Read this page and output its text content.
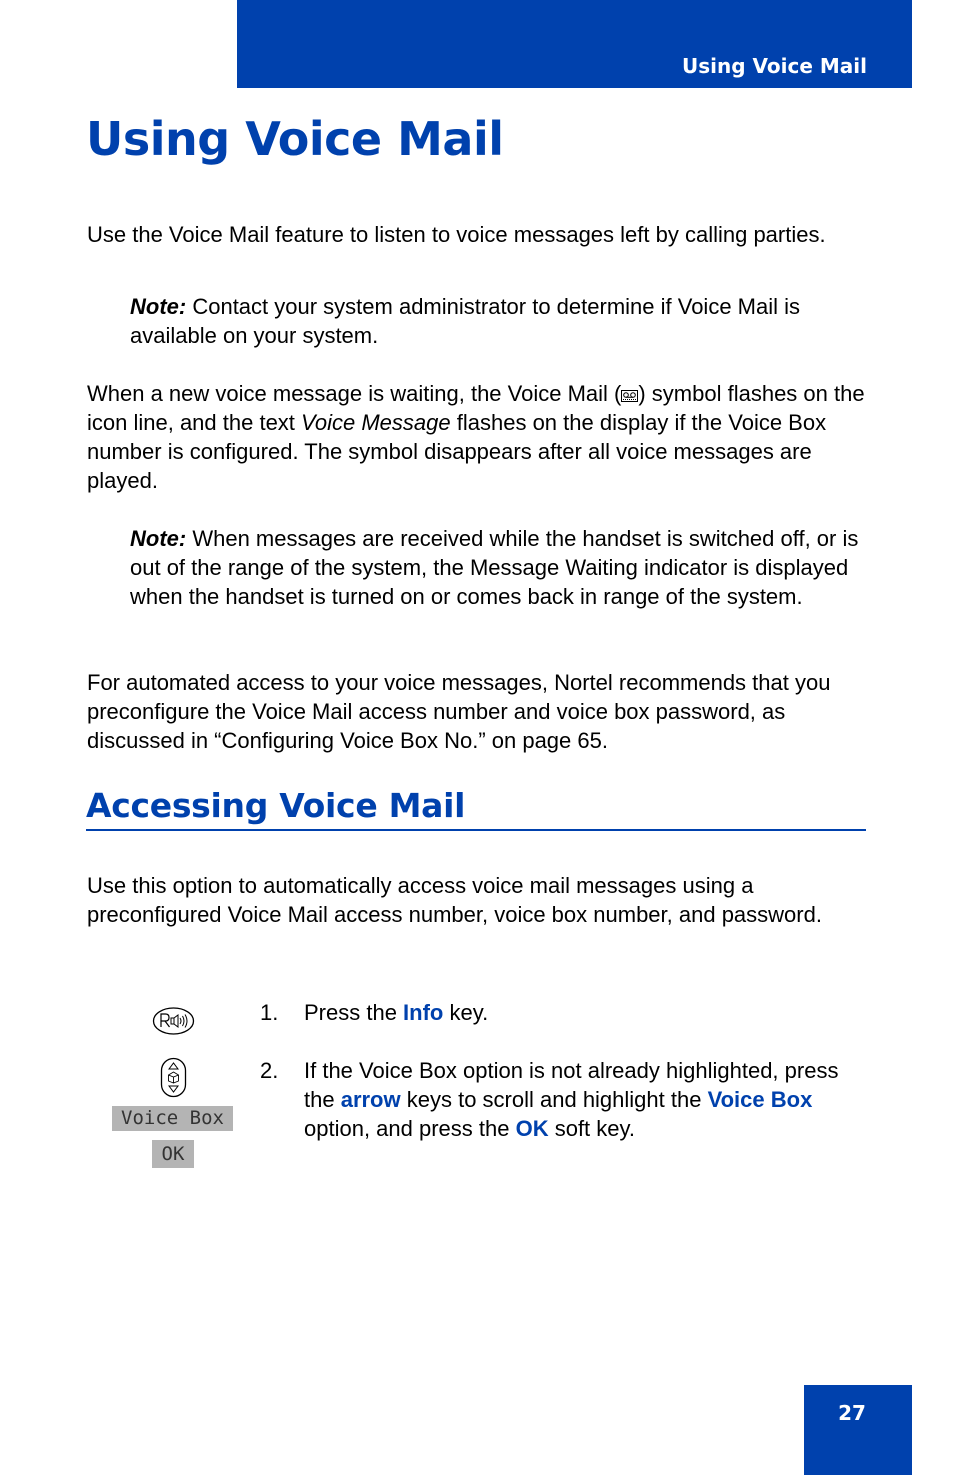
Using Voice Mail
Using Voice Mail

Use the Voice Mail feature to listen to voice messages left by calling parties.

Note: Contact your system administrator to determine if Voice Mail is available on your system.

When a new voice message is waiting, the Voice Mail ( ) symbol flashes on the icon line, and the text Voice Message flashes on the display if the Voice Box number is configured. The symbol disappears after all voice messages are played.

Note: When messages are received while the handset is switched off, or is out of the range of the system, the Message Waiting indicator is displayed when the handset is turned on or comes back in range of the system.

For automated access to your voice messages, Nortel recommends that you preconfigure the Voice Mail access number and voice box password, as discussed in “Configuring Voice Box No.” on page 65.

Accessing Voice Mail

Use this option to automatically access voice mail messages using a preconfigured Voice Mail access number, voice box number, and password.

1. Press the Info key.
Voice Box
OK
2. If the Voice Box option is not already highlighted, press the arrow keys to scroll and highlight the Voice Box option, and press the OK soft key.
27
